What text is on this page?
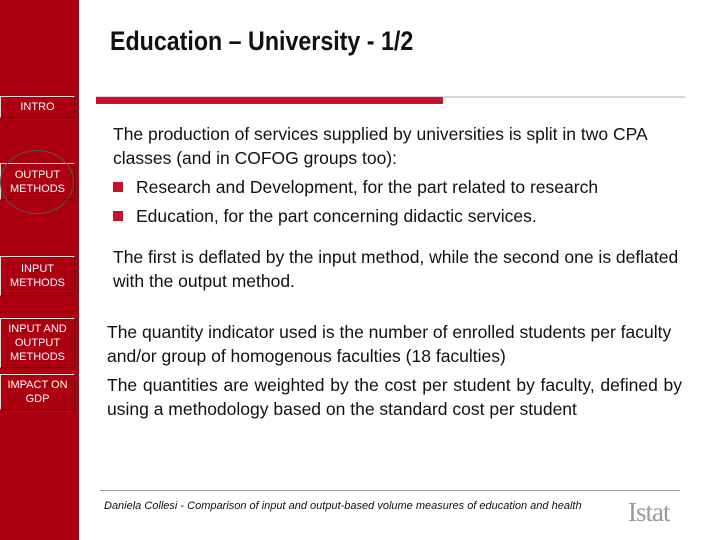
INTRO
OUTPUT METHODS
INPUT METHODS
INPUT AND OUTPUT METHODS
IMPACT ON GDP
Education – University - 1/2
The production of services supplied by universities is split in two CPA classes (and in COFOG groups too):
Research and Development, for the part related to research
Education, for the part concerning didactic services.
The first is deflated by the input method, while the second one is deflated with the output method.
The quantity indicator used is the number of enrolled students per faculty and/or group of homogenous faculties (18 faculties)
The quantities are weighted by the cost per student by faculty, defined by using a methodology based on the standard cost per student
Daniela Collesi - Comparison of input and output-based volume measures of education and health Istat
